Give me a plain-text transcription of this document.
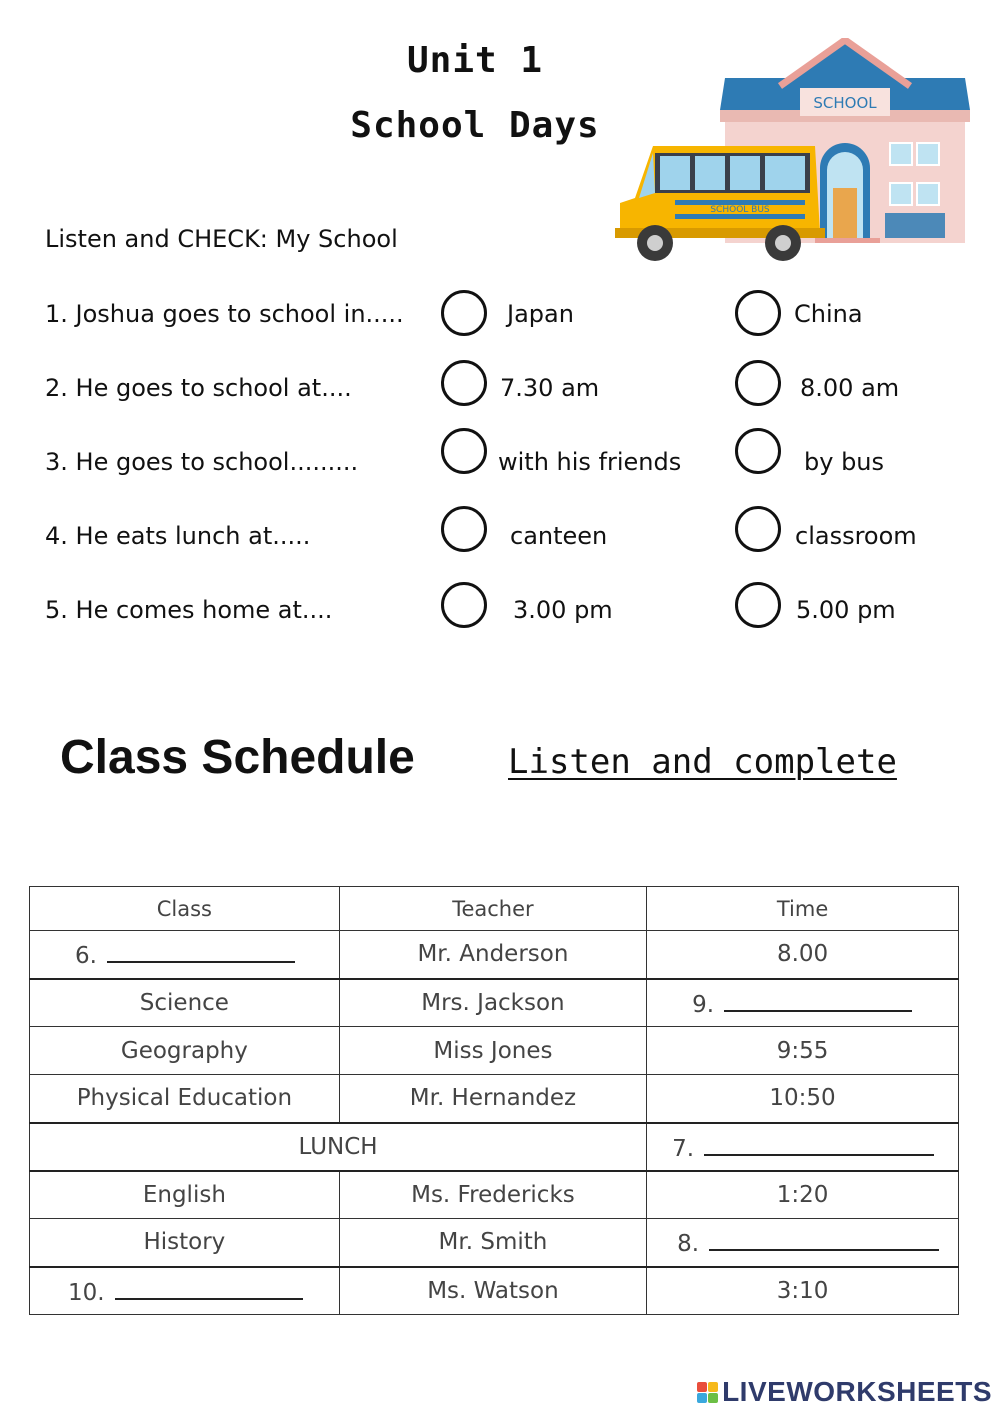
Unit 1
School Days
SCHOOL
SCHOOL BUS
Listen and CHECK: My School
1. Joshua goes to school in.....	Japan	China
2. He goes to school at....	7.30 am	8.00 am
3. He goes to school.........	with his friends	by bus
4. He eats lunch at.....	canteen	classroom
5. He comes home at....	3.00 pm	5.00 pm
Class Schedule	Listen and complete
Class	Teacher	Time
6.	Mr. Anderson	8.00
Science	Mrs. Jackson	9.
Geography	Miss Jones	9:55
Physical Education	Mr. Hernandez	10:50
LUNCH		7.
English	Ms. Fredericks	1:20
History	Mr. Smith	8.
10.	Ms. Watson	3:10
LIVEWORKSHEETS
